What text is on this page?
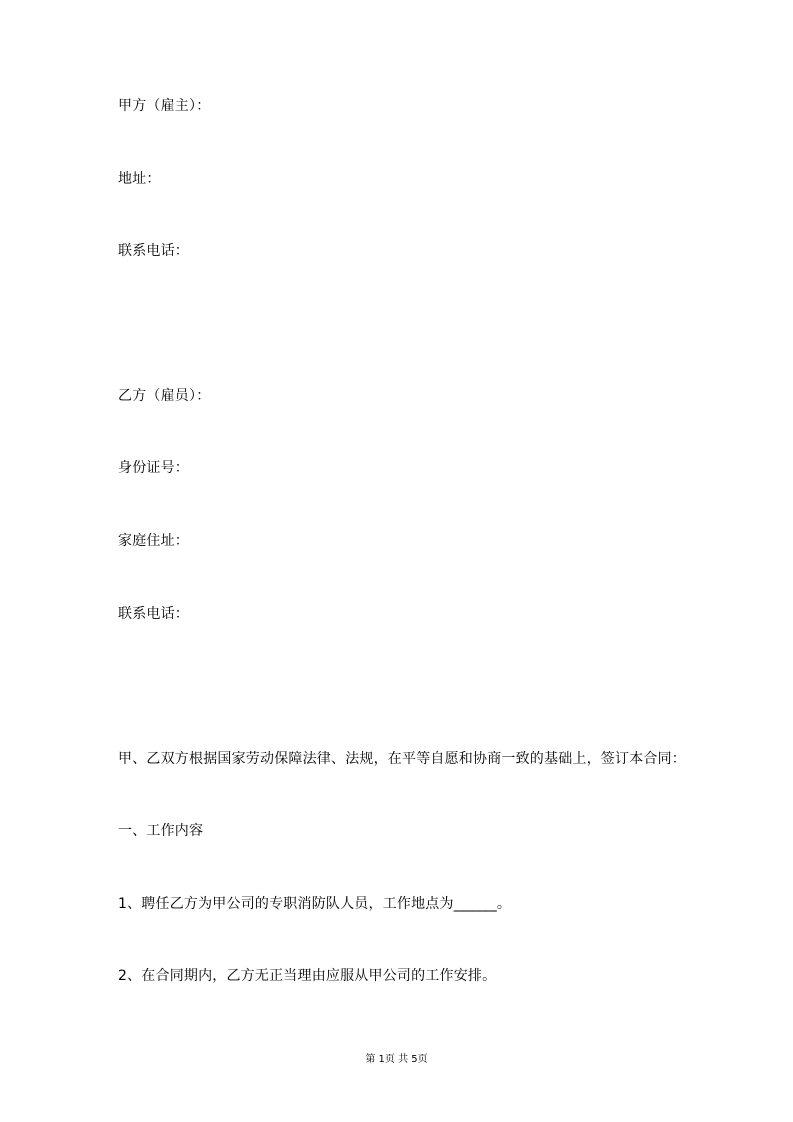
甲方（雇主）：
地址：
联系电话：
乙方（雇员）：
身份证号：
家庭住址：
联系电话：
甲、乙双方根据国家劳动保障法律、法规，在平等自愿和协商一致的基础上，签订本合同：
一、工作内容
1、聘任乙方为甲公司的专职消防队人员，工作地点为______。
2、在合同期内，乙方无正当理由应服从甲公司的工作安排。
第 1页 共 5页
